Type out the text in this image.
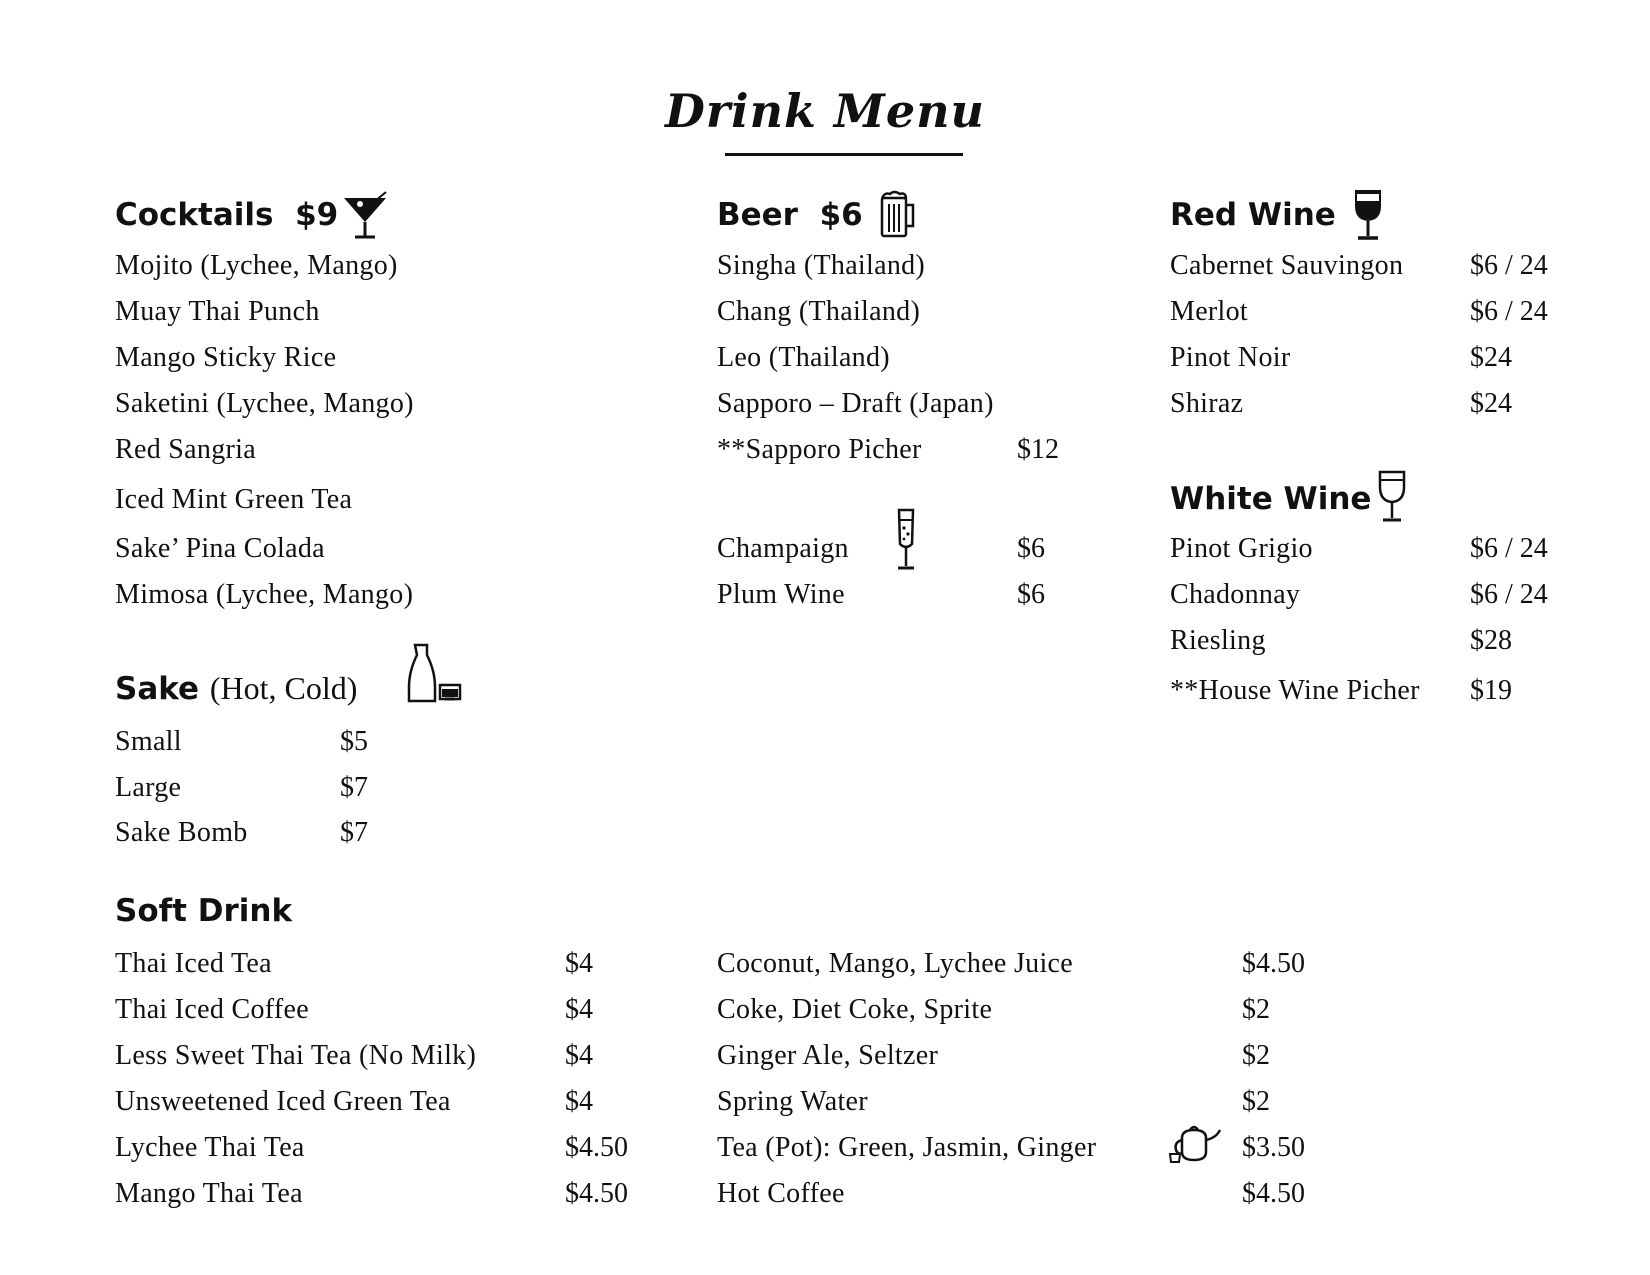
Drink Menu
Cocktails $9
Mojito (Lychee, Mango)
Muay Thai Punch
Mango Sticky Rice
Saketini (Lychee, Mango)
Red Sangria
Iced Mint Green Tea
Sake’ Pina Colada
Mimosa (Lychee, Mango)
Beer $6
Singha (Thailand)
Chang (Thailand)
Leo (Thailand)
Sapporo – Draft (Japan)
**Sapporo Picher	$12
Champaign	$6
Plum Wine	$6
Red Wine
Cabernet Sauvingon $6 / 24
Merlot	$6 / 24
Pinot Noir	$24
Shiraz	$24
White Wine
Pinot Grigio	$6 / 24
Chadonnay	$6 / 24
Riesling	$28
**House Wine Picher $19
Sake (Hot, Cold)
Small	$5
Large	$7
Sake Bomb	$7
Soft Drink
Thai Iced Tea	$4
Thai Iced Coffee	$4
Less Sweet Thai Tea (No Milk)	$4
Unsweetened Iced Green Tea	$4
Lychee Thai Tea	$4.50
Mango Thai Tea	$4.50
Coconut, Mango, Lychee Juice	$4.50
Coke, Diet Coke, Sprite	$2
Ginger Ale, Seltzer	$2
Spring Water	$2
Tea (Pot): Green, Jasmin, Ginger	$3.50
Hot Coffee	$4.50
